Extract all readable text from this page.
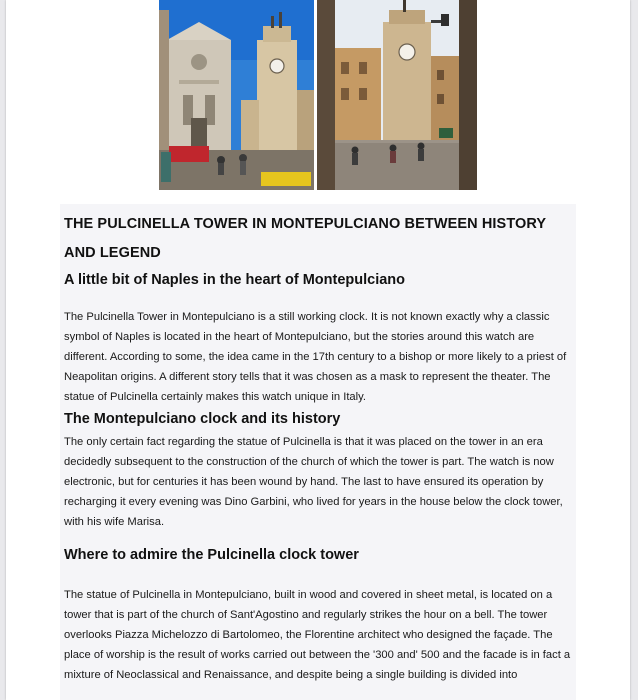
THE PULCINELLA TOWER IN MONTEPULCIANO BETWEEN HISTORY AND LEGEND
A little bit of Naples in the heart of Montepulciano

The Pulcinella Tower in Montepulciano is a still working clock. It is not known exactly why a classic symbol of Naples is located in the heart of Montepulciano, but the stories around this watch are different. According to some, the idea came in the 17th century to a bishop or more likely to a priest of Neapolitan origins. A different story tells that it was chosen as a mask to represent the theater. The statue of Pulcinella certainly makes this watch unique in Italy.

The Montepulciano clock and its history

The only certain fact regarding the statue of Pulcinella is that it was placed on the tower in an era decidedly subsequent to the construction of the church of which the tower is part. The watch is now electronic, but for centuries it has been wound by hand. The last to have ensured its operation by recharging it every evening was Dino Garbini, who lived for years in the house below the clock tower, with his wife Marisa.

Where to admire the Pulcinella clock tower

The statue of Pulcinella in Montepulciano, built in wood and covered in sheet metal, is located on a tower that is part of the church of Sant'Agostino and regularly strikes the hour on a bell. The tower overlooks Piazza Michelozzo di Bartolomeo, the Florentine architect who designed the façade. The place of worship is the result of works carried out between the '300 and' 500 and the facade is in fact a mixture of Neoclassical and Renaissance, and despite being a single building is divided into
